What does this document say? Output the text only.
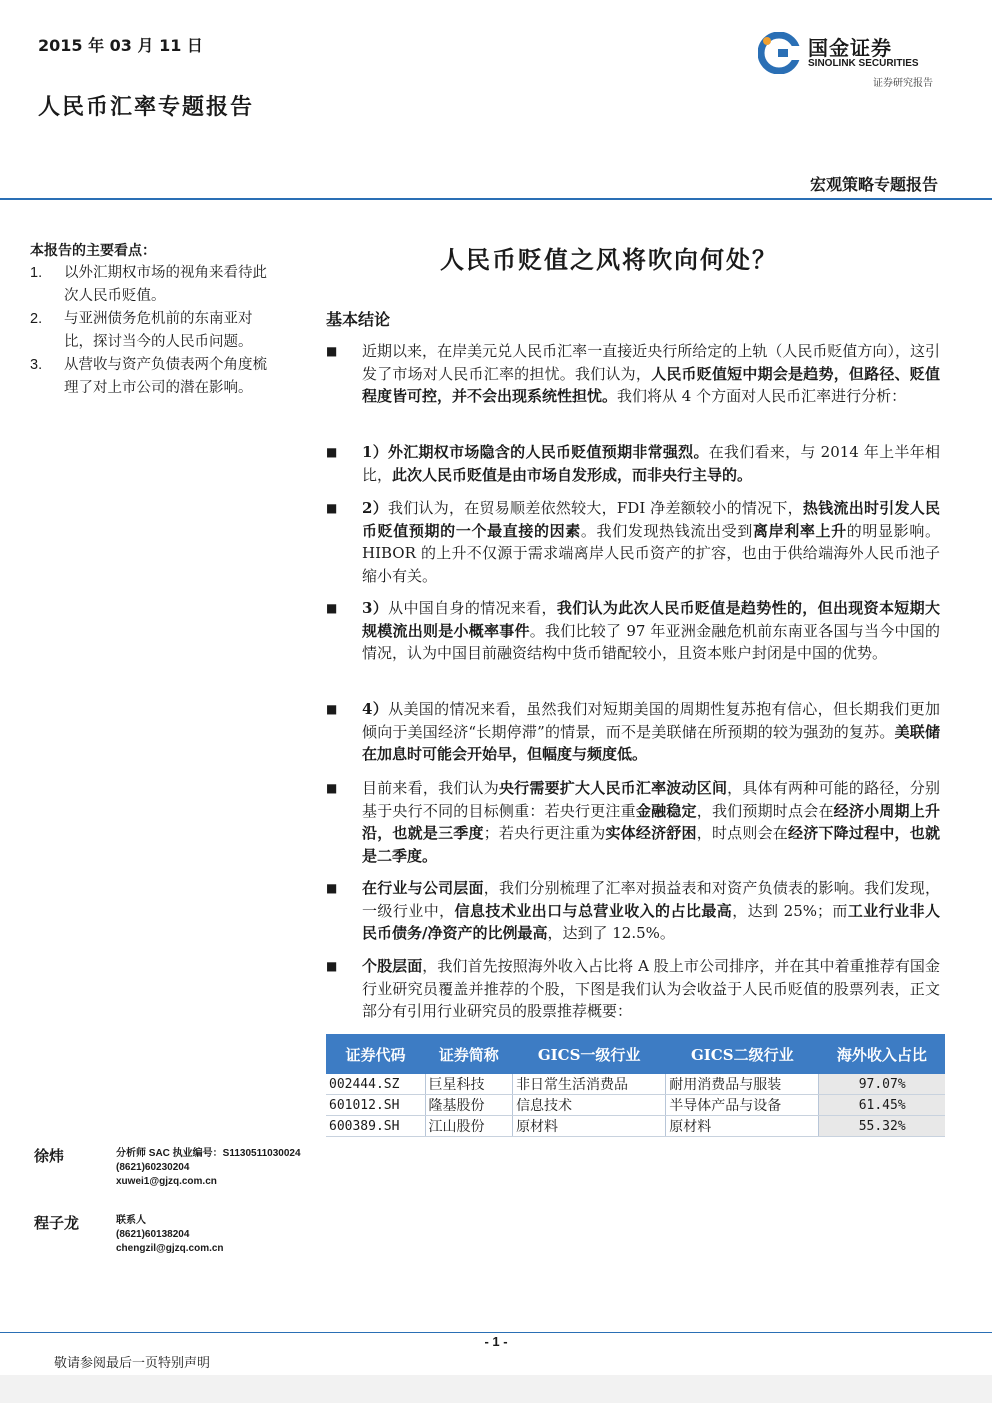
2015 年 03 月 11 日
人民币汇率专题报告
国金证券
SINOLINK SECURITIES
证券研究报告
宏观策略专题报告
本报告的主要看点：
1.	以外汇期权市场的视角来看待此次人民币贬值。
2.	与亚洲债务危机前的东南亚对比，探讨当今的人民币问题。
3.	从营收与资产负债表两个角度梳理了对上市公司的潜在影响。
人民币贬值之风将吹向何处？
基本结论
■	近期以来，在岸美元兑人民币汇率一直接近央行所给定的上轨（人民币贬值方向），这引发了市场对人民币汇率的担忧。我们认为，人民币贬值短中期会是趋势，但路径、贬值程度皆可控，并不会出现系统性担忧。我们将从 4 个方面对人民币汇率进行分析：
■	1）外汇期权市场隐含的人民币贬值预期非常强烈。在我们看来，与 2014 年上半年相比，此次人民币贬值是由市场自发形成，而非央行主导的。
■	2）我们认为，在贸易顺差依然较大，FDI 净差额较小的情况下，热钱流出时引发人民币贬值预期的一个最直接的因素。我们发现热钱流出受到离岸利率上升的明显影响。HIBOR 的上升不仅源于需求端离岸人民币资产的扩容，也由于供给端海外人民币池子缩小有关。
■	3）从中国自身的情况来看，我们认为此次人民币贬值是趋势性的，但出现资本短期大规模流出则是小概率事件。我们比较了 97 年亚洲金融危机前东南亚各国与当今中国的情况，认为中国目前融资结构中货币错配较小，且资本账户封闭是中国的优势。
■	4）从美国的情况来看，虽然我们对短期美国的周期性复苏抱有信心，但长期我们更加倾向于美国经济“长期停滞”的情景，而不是美联储在所预期的较为强劲的复苏。美联储在加息时可能会开始早，但幅度与频度低。
■	目前来看，我们认为央行需要扩大人民币汇率波动区间，具体有两种可能的路径，分别基于央行不同的目标侧重：若央行更注重金融稳定，我们预期时点会在经济小周期上升沿，也就是三季度；若央行更注重为实体经济舒困，时点则会在经济下降过程中，也就是二季度。
■	在行业与公司层面，我们分别梳理了汇率对损益表和对资产负债表的影响。我们发现，一级行业中，信息技术业出口与总营业收入的占比最高，达到 25%；而工业行业非人民币债务/净资产的比例最高，达到了 12.5%。
■	个股层面，我们首先按照海外收入占比将 A 股上市公司排序，并在其中着重推荐有国金行业研究员覆盖并推荐的个股，下图是我们认为会收益于人民币贬值的股票列表，正文部分有引用行业研究员的股票推荐概要：
证券代码	证券简称	GICS一级行业	GICS二级行业	海外收入占比
002444.SZ	巨星科技	非日常生活消费品	耐用消费品与服装	97.07%
601012.SH	隆基股份	信息技术	半导体产品与设备	61.45%
600389.SH	江山股份	原材料	原材料	55.32%
徐炜	分析师 SAC 执业编号：S1130511030024
(8621)60230204
xuwei1@gjzq.com.cn
程子龙	联系人
(8621)60138204
chengzil@gjzq.com.cn
- 1 -
敬请参阅最后一页特别声明
